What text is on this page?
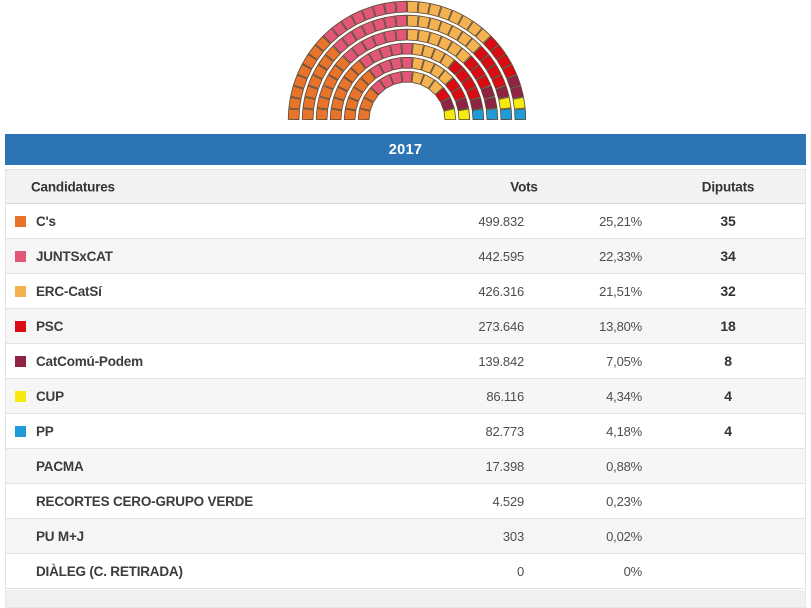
2017
Candidatures	Vots	Diputats
C's	499.832	25,21%	35
JUNTSxCAT	442.595	22,33%	34
ERC-CatSí	426.316	21,51%	32
PSC	273.646	13,80%	18
CatComú-Podem	139.842	7,05%	8
CUP	86.116	4,34%	4
PP	82.773	4,18%	4
PACMA	17.398	0,88%
RECORTES CERO-GRUPO VERDE	4.529	0,23%
PU M+J	303	0,02%
DIÀLEG (C. RETIRADA)	0	0%
